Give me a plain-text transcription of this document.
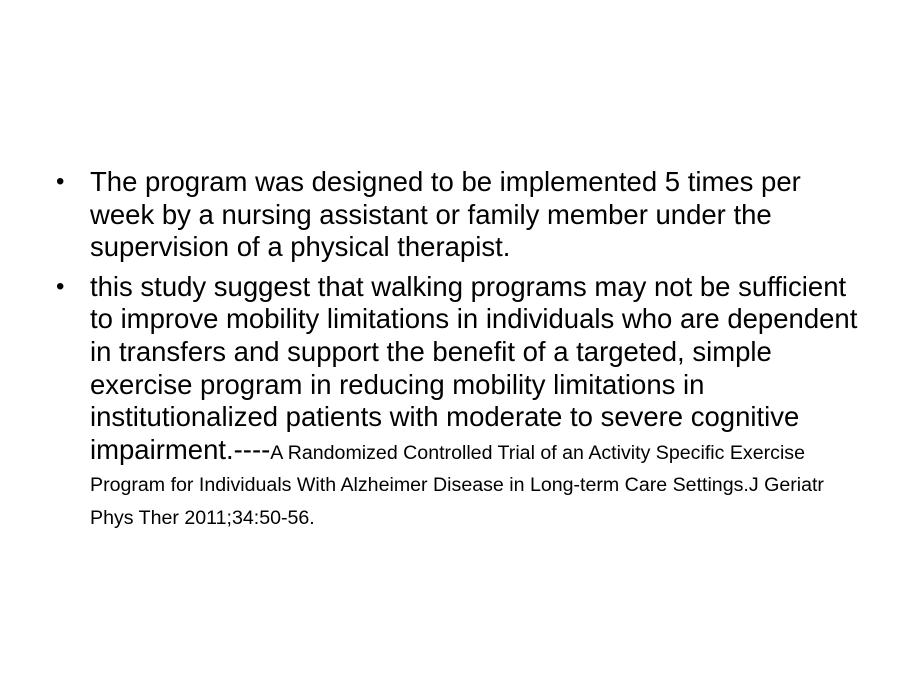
• The program was designed to be implemented 5 times per week by a nursing assistant or family member under the supervision of a physical therapist.
• this study suggest that walking programs may not be sufficient to improve mobility limitations in individuals who are dependent in transfers and support the benefit of a targeted, simple exercise program in reducing mobility limitations in institutionalized patients with moderate to severe cognitive impairment.----A Randomized Controlled Trial of an Activity Specific Exercise Program for Individuals With Alzheimer Disease in Long-term Care Settings.J Geriatr Phys Ther 2011;34:50-56.
